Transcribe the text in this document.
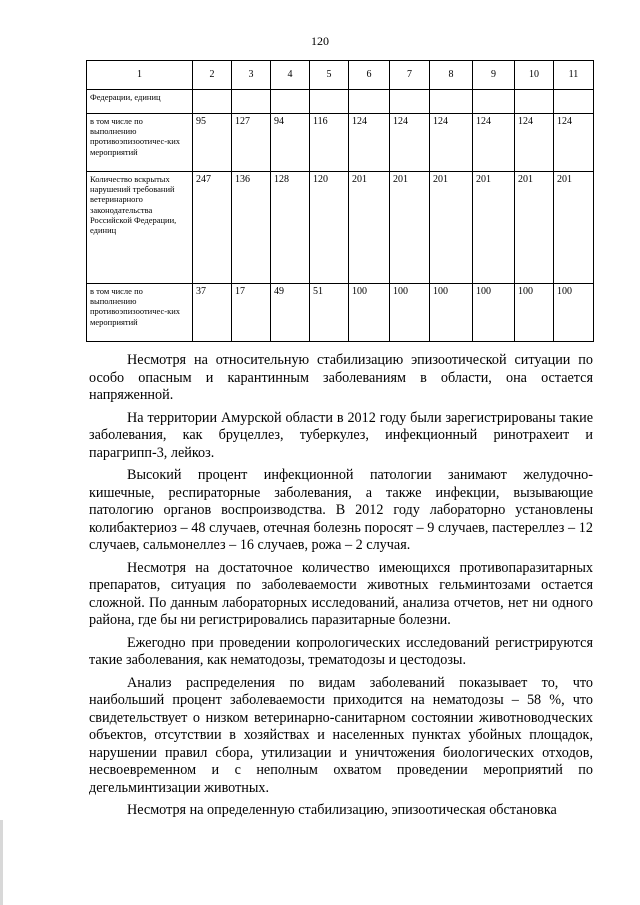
120
1	2	3	4	5	6	7	8	9	10	11
Федерации, единиц										
в том числе по выполнению противоэпизоотичес-ких мероприятий	95	127	94	116	124	124	124	124	124	124
Количество вскрытых нарушений требований ветеринарного законодательства Российской Федерации, единиц	247	136	128	120	201	201	201	201	201	201
в том числе по выполнению противоэпизоотичес-ких мероприятий	37	17	49	51	100	100	100	100	100	100

Несмотря на относительную стабилизацию эпизоотической ситуации по особо опасным и карантинным заболеваниям в области, она остается напряженной.

На территории Амурской области в 2012 году были зарегистрированы такие заболевания, как бруцеллез, туберкулез, инфекционный ринотрахеит и парагрипп-3, лейкоз.

Высокий процент инфекционной патологии занимают желудочно-кишечные, респираторные заболевания, а также инфекции, вызывающие патологию органов воспроизводства. В 2012 году лабораторно установлены колибактериоз – 48 случаев, отечная болезнь поросят – 9 случаев, пастереллез – 12 случаев, сальмонеллез – 16 случаев, рожа – 2 случая.

Несмотря на достаточное количество имеющихся противопаразитарных препаратов, ситуация по заболеваемости животных гельминтозами остается сложной. По данным лабораторных исследований, анализа отчетов, нет ни одного района, где бы ни регистрировались паразитарные болезни.

Ежегодно при проведении копрологических исследований регистрируются такие заболевания, как нематодозы, трематодозы и цестодозы.

Анализ распределения по видам заболеваний показывает то, что наибольший процент заболеваемости приходится на нематодозы – 58 %, что свидетельствует о низком ветеринарно-санитарном состоянии животноводческих объектов, отсутствии в хозяйствах и населенных пунктах убойных площадок, нарушении правил сбора, утилизации и уничтожения биологических отходов, несвоевременном и с неполным охватом проведении мероприятий по дегельминтизации животных.

Несмотря на определенную стабилизацию, эпизоотическая обстановка
